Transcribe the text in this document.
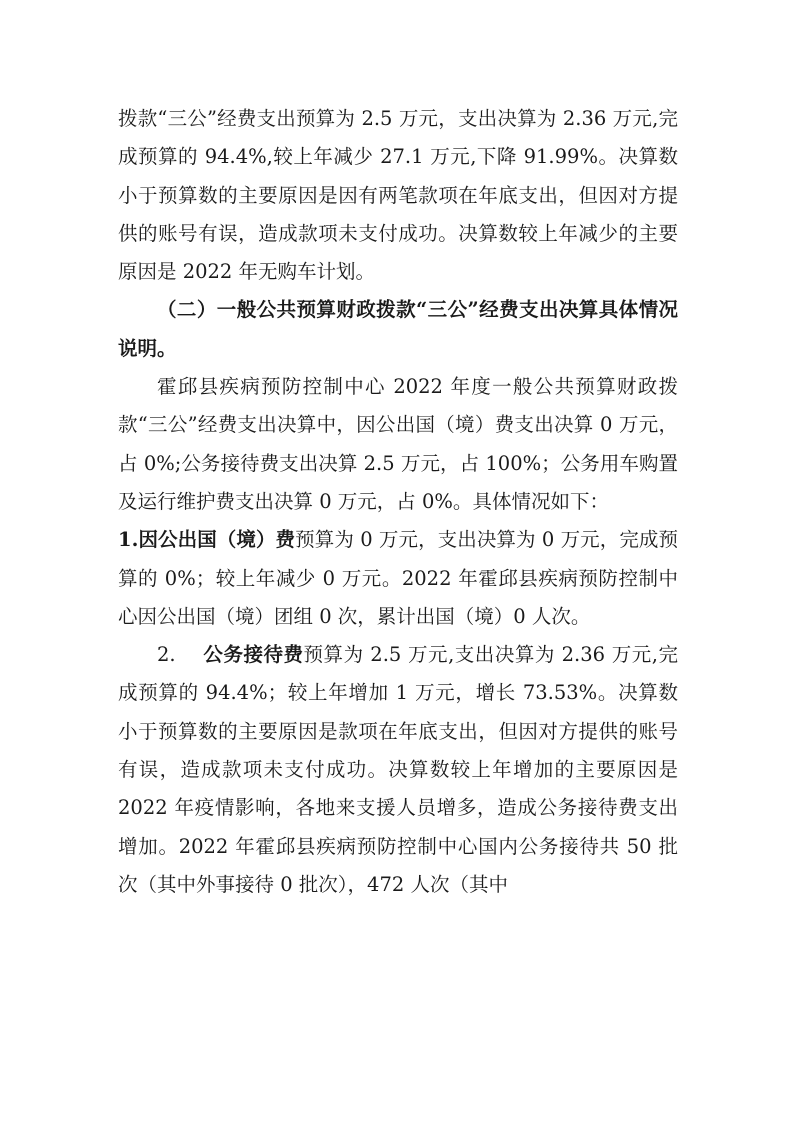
拨款“三公”经费支出预算为 2.5 万元，支出决算为 2.36 万元,完成预算的 94.4%,较上年减少 27.1 万元,下降 91.99%。决算数小于预算数的主要原因是因有两笔款项在年底支出，但因对方提供的账号有误，造成款项未支付成功。决算数较上年减少的主要原因是 2022 年无购车计划。

（二）一般公共预算财政拨款“三公”经费支出决算具体情况说明。

霍邱县疾病预防控制中心 2022 年度一般公共预算财政拨款“三公”经费支出决算中，因公出国（境）费支出决算 0 万元，占 0%;公务接待费支出决算 2.5 万元，占 100%；公务用车购置及运行维护费支出决算 0 万元，占 0%。具体情况如下：

1.因公出国（境）费预算为 0 万元，支出决算为 0 万元，完成预算的 0%；较上年减少 0 万元。2022 年霍邱县疾病预防控制中心因公出国（境）团组 0 次，累计出国（境）0 人次。

2. 公务接待费预算为 2.5 万元,支出决算为 2.36 万元,完成预算的 94.4%；较上年增加 1 万元，增长 73.53%。决算数小于预算数的主要原因是款项在年底支出，但因对方提供的账号有误，造成款项未支付成功。决算数较上年增加的主要原因是 2022 年疫情影响，各地来支援人员增多，造成公务接待费支出增加。2022 年霍邱县疾病预防控制中心国内公务接待共 50 批次（其中外事接待 0 批次），472 人次（其中
